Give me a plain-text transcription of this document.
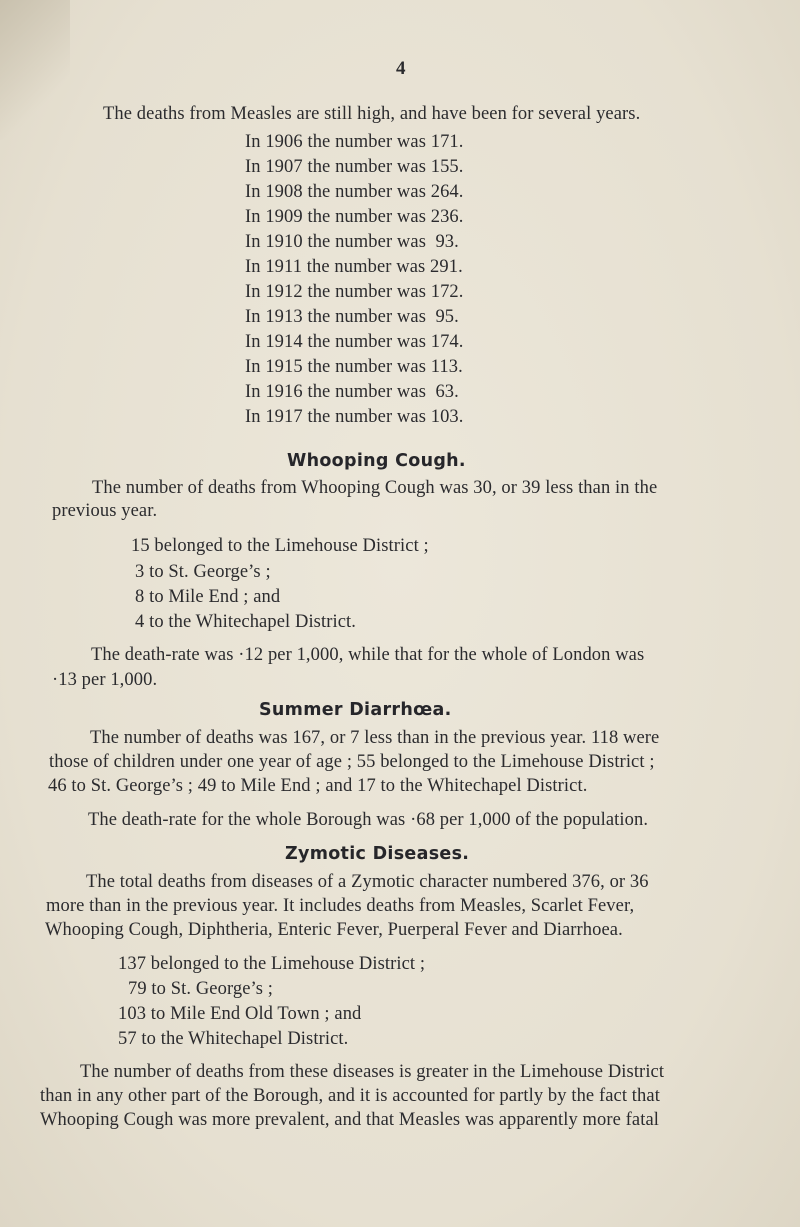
4
The deaths from Measles are still high, and have been for several years.
In 1906 the number was 171.
In 1907 the number was 155.
In 1908 the number was 264.
In 1909 the number was 236.
In 1910 the number was  93.
In 1911 the number was 291.
In 1912 the number was 172.
In 1913 the number was  95.
In 1914 the number was 174.
In 1915 the number was 113.
In 1916 the number was  63.
In 1917 the number was 103.
Whooping Cough.
The number of deaths from Whooping Cough was 30, or 39 less than in the
previous year.
15 belonged to the Limehouse District ;
3 to St. George’s ;
8 to Mile End ; and
4 to the Whitechapel District.
The death-rate was ·12 per 1,000, while that for the whole of London was
·13 per 1,000.
Summer Diarrhœa.
The number of deaths was 167, or 7 less than in the previous year. 118 were
those of children under one year of age ; 55 belonged to the Limehouse District ;
46 to St. George’s ; 49 to Mile End ; and 17 to the Whitechapel District.
The death-rate for the whole Borough was ·68 per 1,000 of the population.
Zymotic Diseases.
The total deaths from diseases of a Zymotic character numbered 376, or 36
more than in the previous year. It includes deaths from Measles, Scarlet Fever,
Whooping Cough, Diphtheria, Enteric Fever, Puerperal Fever and Diarrhoea.
137 belonged to the Limehouse District ;
79 to St. George’s ;
103 to Mile End Old Town ; and
57 to the Whitechapel District.
The number of deaths from these diseases is greater in the Limehouse District
than in any other part of the Borough, and it is accounted for partly by the fact that
Whooping Cough was more prevalent, and that Measles was apparently more fatal
